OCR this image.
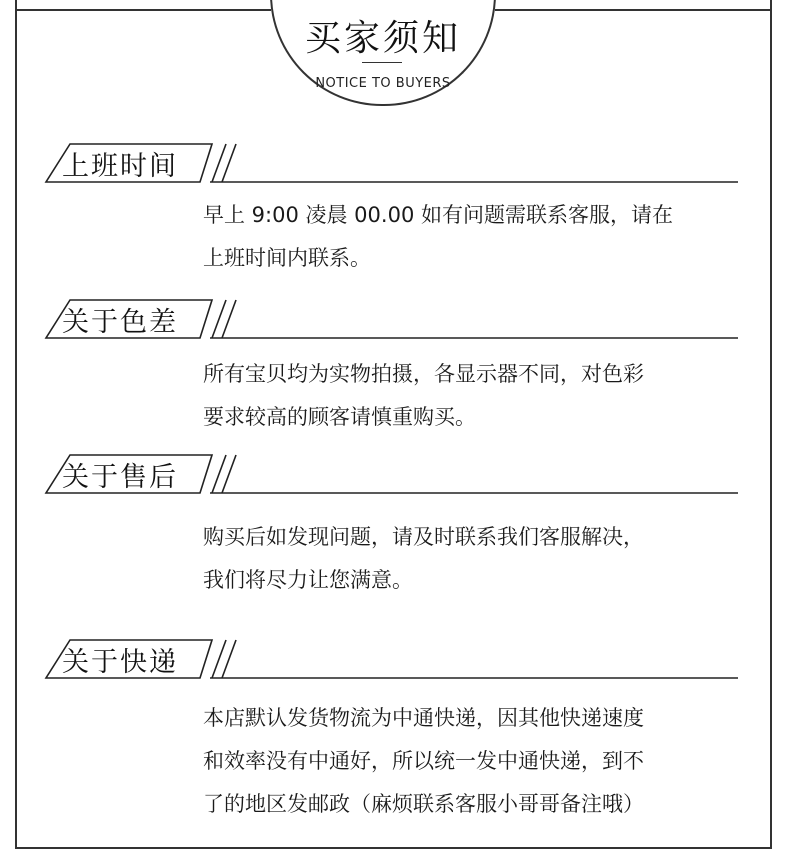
买家须知
NOTICE TO BUYERS
上班时间

早上 9:00 凌晨 00.00 如有问题需联系客服，请在

上班时间内联系。

关于色差

所有宝贝均为实物拍摄，各显示器不同，对色彩

要求较高的顾客请慎重购买。

关于售后

购买后如发现问题，请及时联系我们客服解决，

我们将尽力让您满意。

关于快递

本店默认发货物流为中通快递，因其他快递速度

和效率没有中通好，所以统一发中通快递，到不

了的地区发邮政（麻烦联系客服小哥哥备注哦）
